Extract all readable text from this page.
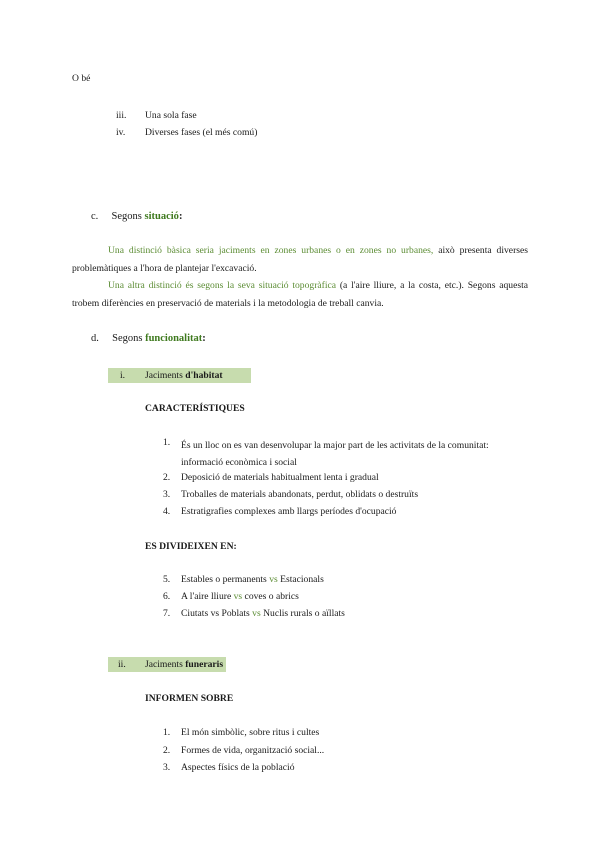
O bé
iii. Una sola fase
iv. Diverses fases (el més comú)
c. Segons situació:
Una distinció bàsica seria jaciments en zones urbanes o en zones no urbanes, això presenta diverses problemàtiques a l'hora de plantejar l'excavació.
Una altra distinció és segons la seva situació topogràfica (a l'aire lliure, a la costa, etc.). Segons aquesta trobem diferències en preservació de materials i la metodologia de treball canvia.
d. Segons funcionalitat:
i. Jaciments d'habitat
CARACTERÍSTIQUES
1. És un lloc on es van desenvolupar la major part de les activitats de la comunitat: informació econòmica i social
2. Deposició de materials habitualment lenta i gradual
3. Troballes de materials abandonats, perdut, oblidats o destruïts
4. Estratigrafies complexes amb llargs períodes d'ocupació
ES DIVIDEIXEN EN:
5. Estables o permanents vs Estacionals
6. A l'aire lliure vs coves o abrics
7. Ciutats vs Poblats vs Nuclis rurals o aïllats
ii. Jaciments funeraris
INFORMEN SOBRE
1. El món simbòlic, sobre ritus i cultes
2. Formes de vida, organització social...
3. Aspectes físics de la població
